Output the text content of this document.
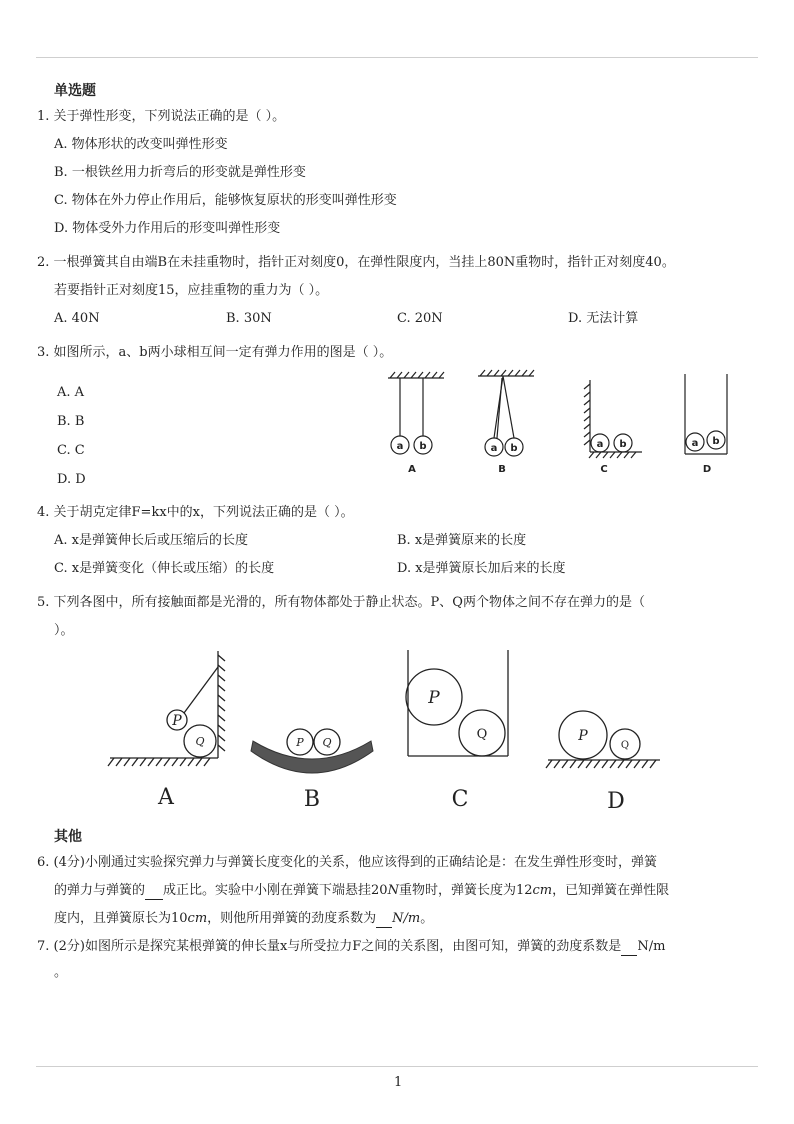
单选题
1. 关于弹性形变，下列说法正确的是（ ）。
A. 物体形状的改变叫弹性形变
B. 一根铁丝用力折弯后的形变就是弹性形变
C. 物体在外力停止作用后，能够恢复原状的形变叫弹性形变
D. 物体受外力作用后的形变叫弹性形变
2. 一根弹簧其自由端B在未挂重物时，指针正对刻度0，在弹性限度内，当挂上80N重物时，指针正对刻度40。
若要指针正对刻度15，应挂重物的重力为（ ）。
A. 40N	B. 30N	C. 20N	D. 无法计算
3. 如图所示，a、b两小球相互间一定有弹力作用的图是（ ）。
A. A
B. B
C. C
D. D
a b	a b	a b	a b
A	B	C	D
4. 关于胡克定律F=kx中的x，下列说法正确的是（ ）。
A. x是弹簧伸长后或压缩后的长度	B. x是弹簧原来的长度
C. x是弹簧变化（伸长或压缩）的长度	D. x是弹簧原长加后来的长度
5. 下列各图中，所有接触面都是光滑的，所有物体都处于静止状态。P、Q两个物体之间不存在弹力的是（
）。
P
Q	P Q
P
Q	P
Q
A	B	C	D
其他
6. (4分)小刚通过实验探究弹力与弹簧长度变化的关系，他应该得到的正确结论是：在发生弹性形变时，弹簧
的弹力与弹簧的 成正比。实验中小刚在弹簧下端悬挂20N重物时，弹簧长度为12cm，已知弹簧在弹性限
度内，且弹簧原长为10cm，则他所用弹簧的劲度系数为 N/m。
7. (2分)如图所示是探究某根弹簧的伸长量x与所受拉力F之间的关系图，由图可知，弹簧的劲度系数是 N/m
。
1
